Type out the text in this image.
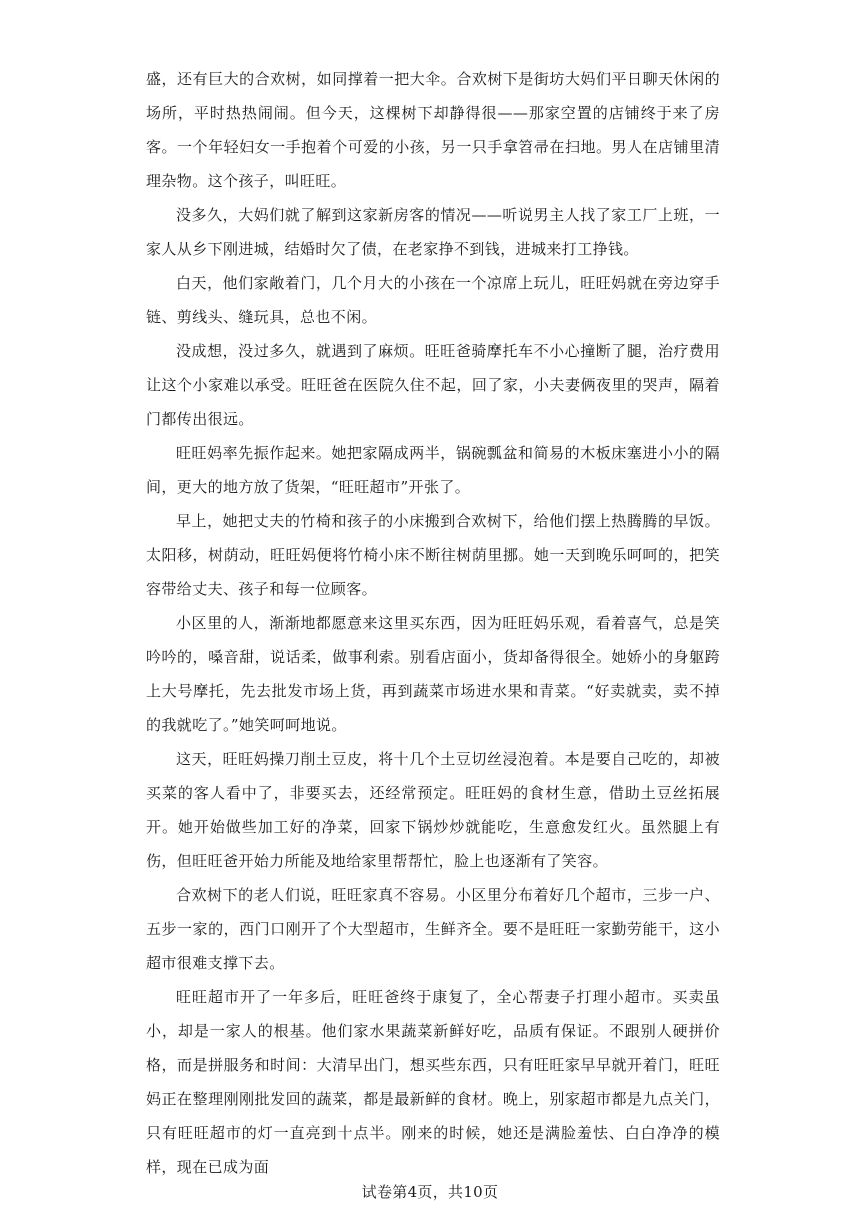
盛，还有巨大的合欢树，如同撑着一把大伞。合欢树下是街坊大妈们平日聊天休闲的场所，平时热热闹闹。但今天，这棵树下却静得很——那家空置的店铺终于来了房客。一个年轻妇女一手抱着个可爱的小孩，另一只手拿笤帚在扫地。男人在店铺里清理杂物。这个孩子，叫旺旺。

没多久，大妈们就了解到这家新房客的情况——听说男主人找了家工厂上班，一家人从乡下刚进城，结婚时欠了债，在老家挣不到钱，进城来打工挣钱。

白天，他们家敞着门，几个月大的小孩在一个凉席上玩儿，旺旺妈就在旁边穿手链、剪线头、缝玩具，总也不闲。

没成想，没过多久，就遇到了麻烦。旺旺爸骑摩托车不小心撞断了腿，治疗费用让这个小家难以承受。旺旺爸在医院久住不起，回了家，小夫妻俩夜里的哭声，隔着门都传出很远。

旺旺妈率先振作起来。她把家隔成两半，锅碗瓢盆和简易的木板床塞进小小的隔间，更大的地方放了货架，“旺旺超市”开张了。

早上，她把丈夫的竹椅和孩子的小床搬到合欢树下，给他们摆上热腾腾的早饭。太阳移，树荫动，旺旺妈便将竹椅小床不断往树荫里挪。她一天到晚乐呵呵的，把笑容带给丈夫、孩子和每一位顾客。

小区里的人，渐渐地都愿意来这里买东西，因为旺旺妈乐观，看着喜气，总是笑吟吟的，嗓音甜，说话柔，做事利索。别看店面小，货却备得很全。她娇小的身躯跨上大号摩托，先去批发市场上货，再到蔬菜市场进水果和青菜。“好卖就卖，卖不掉的我就吃了。”她笑呵呵地说。

这天，旺旺妈操刀削土豆皮，将十几个土豆切丝浸泡着。本是要自己吃的，却被买菜的客人看中了，非要买去，还经常预定。旺旺妈的食材生意，借助土豆丝拓展开。她开始做些加工好的净菜，回家下锅炒炒就能吃，生意愈发红火。虽然腿上有伤，但旺旺爸开始力所能及地给家里帮帮忙，脸上也逐渐有了笑容。

合欢树下的老人们说，旺旺家真不容易。小区里分布着好几个超市，三步一户、五步一家的，西门口刚开了个大型超市，生鲜齐全。要不是旺旺一家勤劳能干，这小超市很难支撑下去。

旺旺超市开了一年多后，旺旺爸终于康复了，全心帮妻子打理小超市。买卖虽小，却是一家人的根基。他们家水果蔬菜新鲜好吃，品质有保证。不跟别人硬拼价格，而是拼服务和时间：大清早出门，想买些东西，只有旺旺家早早就开着门，旺旺妈正在整理刚刚批发回的蔬菜，都是最新鲜的食材。晚上，别家超市都是九点关门，只有旺旺超市的灯一直亮到十点半。刚来的时候，她还是满脸羞怯、白白净净的模样，现在已成为面

试卷第4页，共10页
